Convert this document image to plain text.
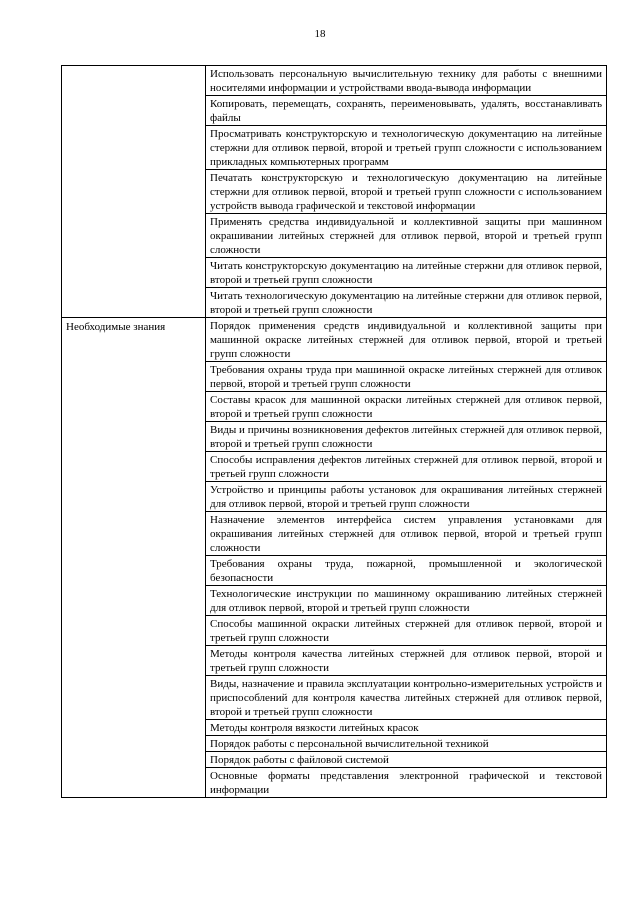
18
	Использовать персональную вычислительную технику для работы с внешними носителями информации и устройствами ввода-вывода информации
	Копировать, перемещать, сохранять, переименовывать, удалять, восстанавливать файлы
	Просматривать конструкторскую и технологическую документацию на литейные стержни для отливок первой, второй и третьей групп сложности с использованием прикладных компьютерных программ
	Печатать конструкторскую и технологическую документацию на литейные стержни для отливок первой, второй и третьей групп сложности с использованием устройств вывода графической и текстовой информации
	Применять средства индивидуальной и коллективной защиты при машинном окрашивании литейных стержней для отливок первой, второй и третьей групп сложности
	Читать конструкторскую документацию на литейные стержни для отливок первой, второй и третьей групп сложности
	Читать технологическую документацию на литейные стержни для отливок первой, второй и третьей групп сложности

Необходимые знания	Порядок применения средств индивидуальной и коллективной защиты при машинной окраске литейных стержней для отливок первой, второй и третьей групп сложности
	Требования охраны труда при машинной окраске литейных стержней для отливок первой, второй и третьей групп сложности
	Составы красок для машинной окраски литейных стержней для отливок первой, второй и третьей групп сложности
	Виды и причины возникновения дефектов литейных стержней для отливок первой, второй и третьей групп сложности
	Способы исправления дефектов литейных стержней для отливок первой, второй и третьей групп сложности
	Устройство и принципы работы установок для окрашивания литейных стержней для отливок первой, второй и третьей групп сложности
	Назначение элементов интерфейса систем управления установками для окрашивания литейных стержней для отливок первой, второй и третьей групп сложности
	Требования охраны труда, пожарной, промышленной и экологической безопасности
	Технологические инструкции по машинному окрашиванию литейных стержней для отливок первой, второй и третьей групп сложности
	Способы машинной окраски литейных стержней для отливок первой, второй и третьей групп сложности
	Методы контроля качества литейных стержней для отливок первой, второй и третьей групп сложности
	Виды, назначение и правила эксплуатации контрольно-измерительных устройств и приспособлений для контроля качества литейных стержней для отливок первой, второй и третьей групп сложности
	Методы контроля вязкости литейных красок
	Порядок работы с персональной вычислительной техникой
	Порядок работы с файловой системой
	Основные форматы представления электронной графической и текстовой информации
